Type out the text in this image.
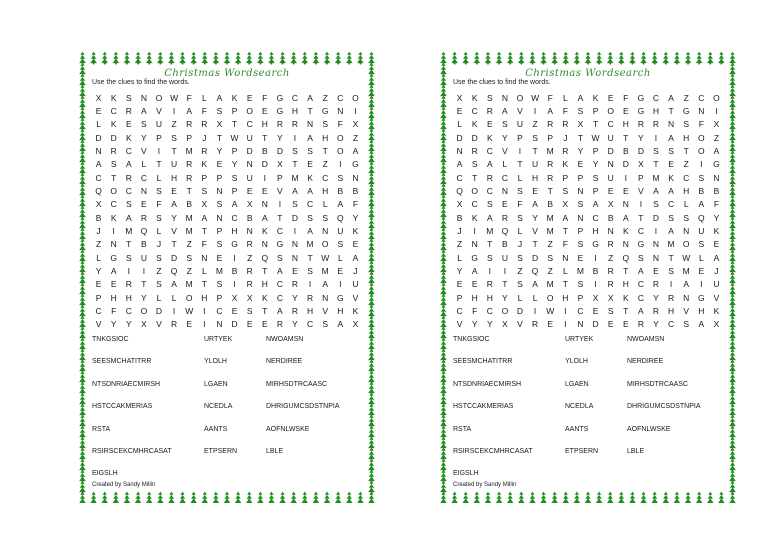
Christmas Wordsearch
Use the clues to find the words.
X	K	S	N	O W	F	L	A	K	E	F	G	C	A	Z	C	O
E	C	R	A	V	I	A	F	S	P	O	E	G	H	T	G	N	I
L	K	E	S	U	Z	R	R	X	T	C	H	R	R	N	S	F	X
D	D	K	Y	P	S	P	J	T	W U	T	Y	I	A	H	O	Z
N	R	C	V	I	T	M	R	Y	P	D	B	D	S	S	T	O	A
A	S	A	L	T	U	R	K	E	Y	N	D	X	T	E	Z	I	G
C	T	R	C	L	H	R	P	P	S	U	I	P	M	K	C	S	N
Q O	C	N	S	E	T	S	N	P	E	E	V	A	A	H	B	B
X	C	S	E	F	A	B	X	S	A	X	N	I	S	C	L	A	F
B	K	A	R	S	Y	M	A	N	C	B	A	T	D	S	S	Q	Y
J	I	M Q	L	V	M	T	P	H	N	K	C	I	A	N	U	K
Z	N	T	B	J	T	Z	F	S	G	R	N	G	N M O	S	E
L	G	S	U	S	D	S	N	E	I	Z	Q	S	N	T W	L	A
Y	A	I	I	Z	Q	Z	L	M	B	R	T	A	E	S	M	E	J
E	E	R	T	S	A	M	T	S	I	R	H	C	R	I	A	I	U
P	H	H	Y	L	L	O	H	P	X	X	K	C	Y	R	N	G	V
C	F	C	O	D	I	W	I	C	E	S	T	A	R	H	V	H	K
V	Y	Y	X	V	R	E	I	N	D	E	E	R	Y	C	S	A	X
TNKGSIOC	URTYEK	NWOAMSN
SEESMCHATITRR	YLOLH	NERDIREE
NTSDNRIAECMIRSH	LGAEN	MIRHSDTRCAASC
HSTCCAKMERIAS	NCEDLA	DHRIGUMCSDSTNPIA
RSTA	AANTS	AOFNLWSKE
RSIRSCEKCMHRCASAT	ETPSERN	LBLE
EIGSLH
Created by Sandy Millin
Christmas Wordsearch
Use the clues to find the words.
X	K	S	N	O W	F	L	A	K	E	F	G	C	A	Z	C	O
E	C	R	A	V	I	A	F	S	P	O	E	G	H	T	G	N	I
L	K	E	S	U	Z	R	R	X	T	C	H	R	R	N	S	F	X
D	D	K	Y	P	S	P	J	T	W U	T	Y	I	A	H	O	Z
N	R	C	V	I	T	M	R	Y	P	D	B	D	S	S	T	O	A
A	S	A	L	T	U	R	K	E	Y	N	D	X	T	E	Z	I	G
C	T	R	C	L	H	R	P	P	S	U	I	P	M	K	C	S	N
Q O	C	N	S	E	T	S	N	P	E	E	V	A	A	H	B	B
X	C	S	E	F	A	B	X	S	A	X	N	I	S	C	L	A	F
B	K	A	R	S	Y	M	A	N	C	B	A	T	D	S	S	Q	Y
J	I	M Q	L	V	M	T	P	H	N	K	C	I	A	N	U	K
Z	N	T	B	J	T	Z	F	S	G	R	N	G	N M O	S	E
L	G	S	U	S	D	S	N	E	I	Z	Q	S	N	T W	L	A
Y	A	I	I	Z	Q	Z	L	M	B	R	T	A	E	S	M	E	J
E	E	R	T	S	A	M	T	S	I	R	H	C	R	I	A	I	U
P	H	H	Y	L	L	O	H	P	X	X	K	C	Y	R	N	G	V
C	F	C	O	D	I	W	I	C	E	S	T	A	R	H	V	H	K
V	Y	Y	X	V	R	E	I	N	D	E	E	R	Y	C	S	A	X
TNKGSIOC	URTYEK	NWOAMSN
SEESMCHATITRR	YLOLH	NERDIREE
NTSDNRIAECMIRSH	LGAEN	MIRHSDTRCAASC
HSTCCAKMERIAS	NCEDLA	DHRIGUMCSDSTNPIA
RSTA	AANTS	AOFNLWSKE
RSIRSCEKCMHRCASAT	ETPSERN	LBLE
EIGSLH
Created by Sandy Millin
